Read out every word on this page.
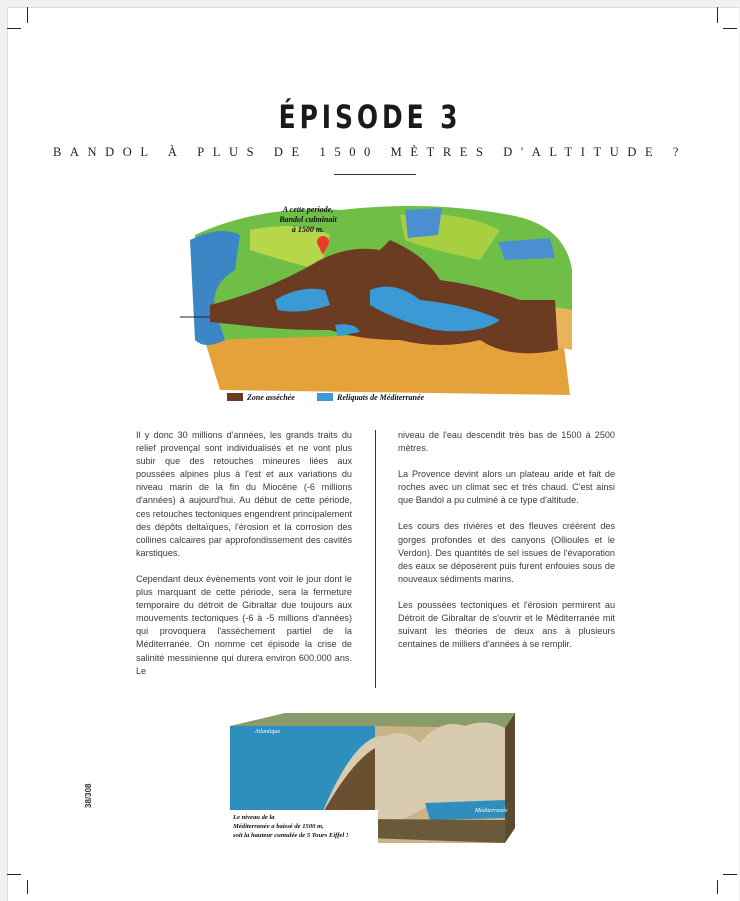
ÉPISODE 3
BANDOL À PLUS DE 1500 MÈTRES D'ALTITUDE ?
A cette periode,
Bandol culminait
à 1500 m.
Zone asséchée	Reliquats de Méditerranée

Il y donc 30 millions d'années, les grands traits du relief provençal sont individualisés et ne vont plus subir que des retouches mineures liées aux poussées alpines plus à l'est et aux variations du niveau marin de la fin du Miocène (-6 millions d'années) à aujourd'hui. Au début de cette période, ces retouches tectoniques engendrent principalement des dépôts deltaïques, l'érosion et la corrosion des collines calcaires par approfondissement des cavités karstiques.

Cependant deux évènements vont voir le jour dont le plus marquant de cette période, sera la fermeture temporaire du détroit de Gibraltar due toujours aux mouvements tectoniques (-6 à -5 millions d'années) qui provoquera l'assèchement partiel de la Méditerranée. On nomme cet épisode la crise de salinité messinienne qui durera environ 600.000 ans. Le

niveau de l'eau descendit très bas de 1500 à 2500 mètres.

La Provence devint alors un plateau aride et fait de roches avec un climat sec et très chaud. C'est ainsi que Bandol a pu culminé à ce type d'altitude.

Les cours des rivières et des fleuves créèrent des gorges profondes et des canyons (Ollioules et le Verdon). Des quantités de sel issues de l'évaporation des eaux se déposèrent puis furent enfouies sous de nouveaux sédiments marins.

Les poussées tectoniques et l'érosion permirent au Détroit de Gibraltar de s'ouvrir et le Méditerranée mit suivant les théories de deux ans à plusieurs centaines de milliers d'années à se remplir.

Atlantique
Méditerranée
Le niveau de la
Méditerranée a baissé de 1500 m,
soit la hauteur cumulée de 5 Tours Eiffel !
38/308
